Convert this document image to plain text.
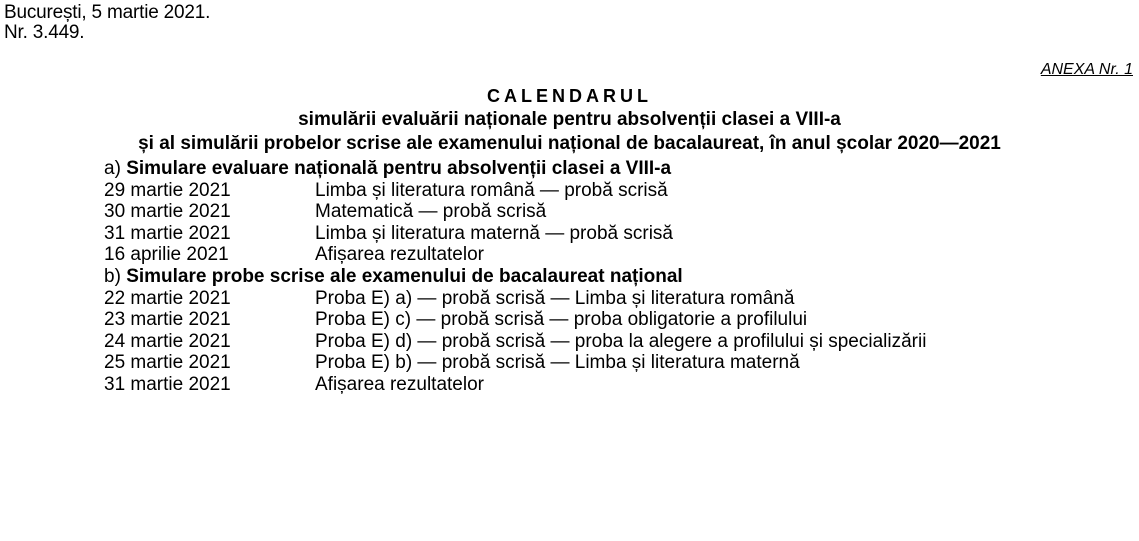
București, 5 martie 2021.
Nr. 3.449.
ANEXA Nr. 1
CALENDARUL
simulării evaluării naționale pentru absolvenții clasei a VIII-a
și al simulării probelor scrise ale examenului național de bacalaureat, în anul școlar 2020—2021
a) Simulare evaluare națională pentru absolvenții clasei a VIII-a
29 martie 2021	Limba și literatura română — probă scrisă
30 martie 2021	Matematică — probă scrisă
31 martie 2021	Limba și literatura maternă — probă scrisă
16 aprilie 2021	Afișarea rezultatelor
b) Simulare probe scrise ale examenului de bacalaureat național
22 martie 2021	Proba E) a) — probă scrisă — Limba și literatura română
23 martie 2021	Proba E) c) — probă scrisă — proba obligatorie a profilului
24 martie 2021	Proba E) d) — probă scrisă — proba la alegere a profilului și specializării
25 martie 2021	Proba E) b) — probă scrisă — Limba și literatura maternă
31 martie 2021	Afișarea rezultatelor
